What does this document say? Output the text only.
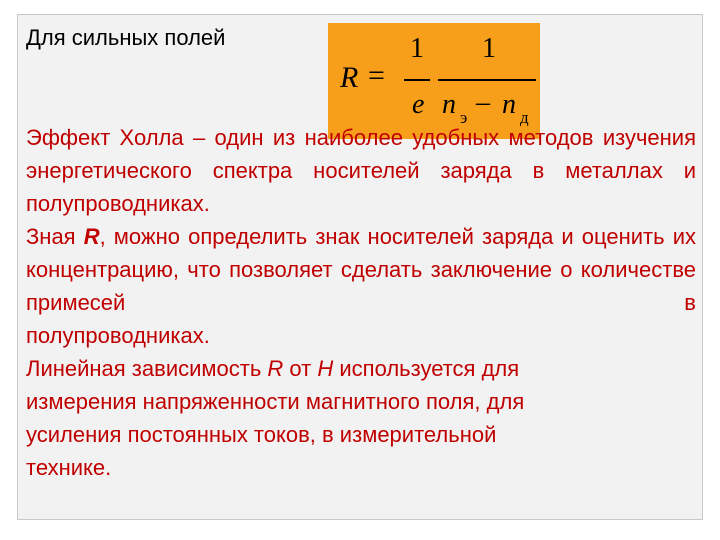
Для сильных полей
R =
1
e
1
n э – n д

Эффект Холла – один из наиболее удобных методов изучения энергетического спектра носителей заряда в металлах и полупроводниках.

Зная R, можно определить знак носителей заряда и оценить их концентрацию, что позволяет сделать заключение о количестве примесей в

полупроводниках.

Линейная зависимость R от H используется для

измерения напряженности магнитного поля, для

усиления постоянных токов, в измерительной

технике.
